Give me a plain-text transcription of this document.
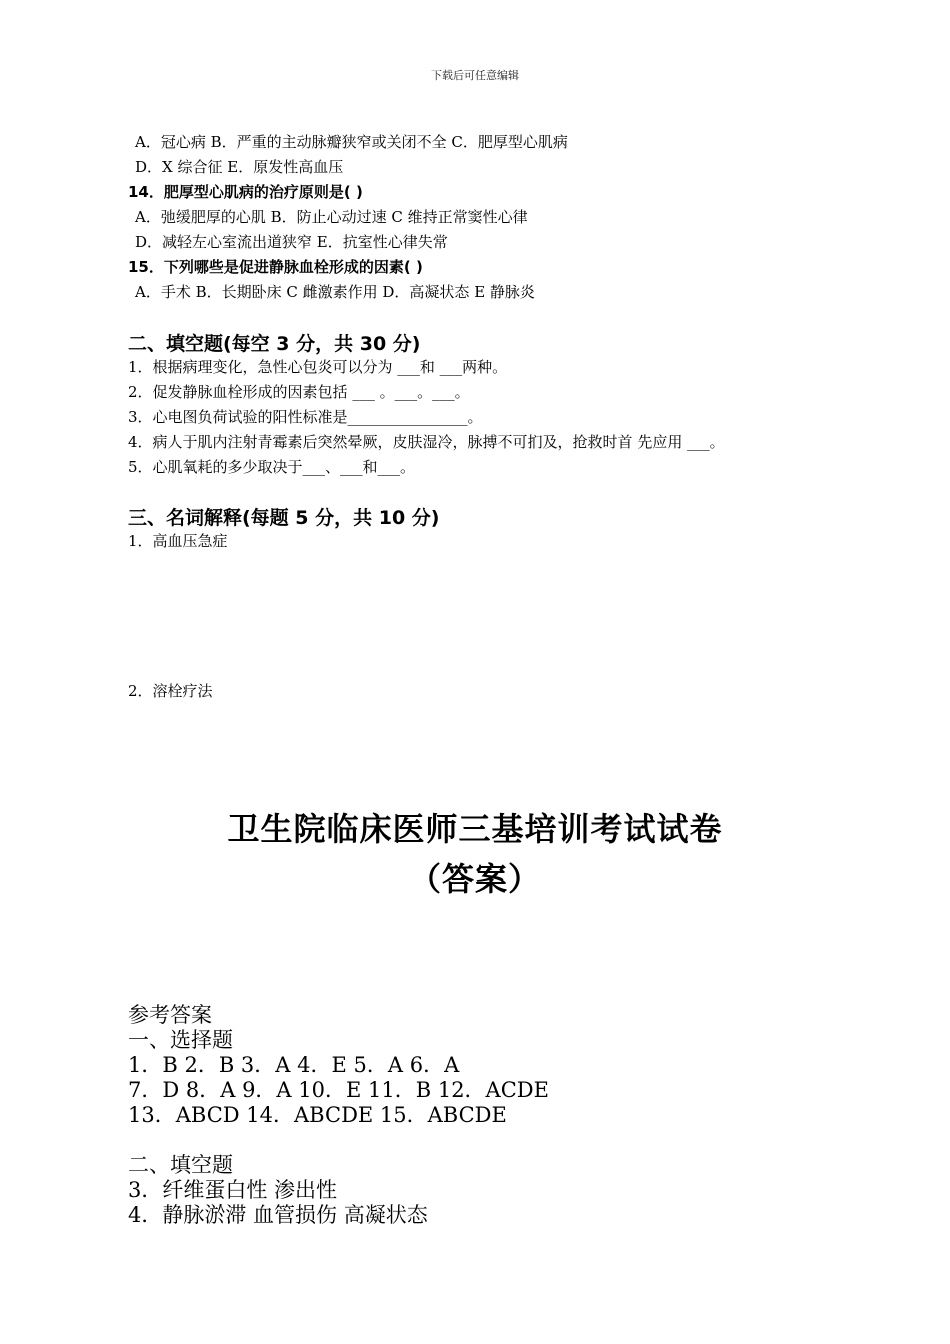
下载后可任意编辑
A．冠心病 B．严重的主动脉瓣狭窄或关闭不全 C．肥厚型心肌病
D．X 综合征 E．原发性高血压
14．肥厚型心肌病的治疗原则是( )
A．弛缓肥厚的心肌 B．防止心动过速 C 维持正常窦性心律
D．减轻左心室流出道狭窄 E．抗室性心律失常
15．下列哪些是促进静脉血栓形成的因素( )
A．手术 B．长期卧床 C 雌激素作用 D．高凝状态 E 静脉炎
二、填空题(每空 3 分，共 30 分)
1．根据病理变化，急性心包炎可以分为 ___和 ___两种。
2．促发静脉血栓形成的因素包括 ___ 。___。___。
3．心电图负荷试验的阳性标准是________________。
4．病人于肌内注射青霉素后突然晕厥，皮肤湿冷，脉搏不可扪及，抢救时首 先应用 ___。
5．心肌氧耗的多少取决于___、___和___。
三、名词解释(每题 5 分，共 10 分)
1．高血压急症
2．溶栓疗法
卫生院临床医师三基培训考试试卷
（答案）
参考答案
一、选择题
1．B 2．B 3．A 4．E 5．A 6．A
7．D 8．A 9．A 10．E 11．B 12．ACDE
13．ABCD 14．ABCDE 15．ABCDE
二、填空题
3．纤维蛋白性 渗出性
4．静脉淤滞 血管损伤 高凝状态
